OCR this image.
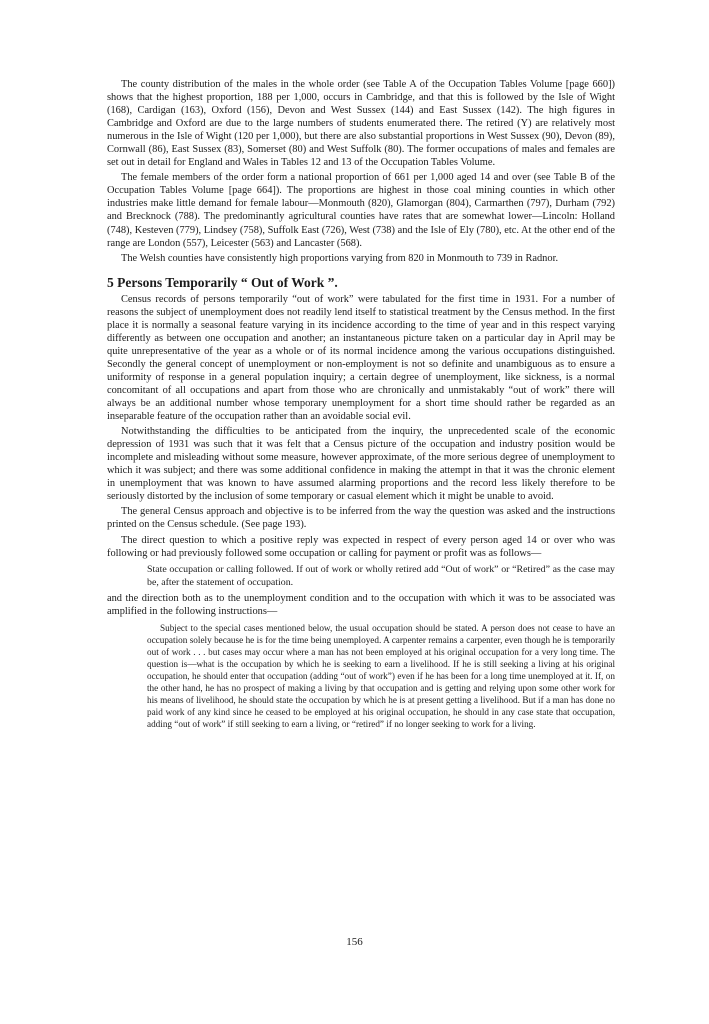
The county distribution of the males in the whole order (see Table A of the Occupation Tables Volume [page 660]) shows that the highest proportion, 188 per 1,000, occurs in Cambridge, and that this is followed by the Isle of Wight (168), Cardigan (163), Oxford (156), Devon and West Sussex (144) and East Sussex (142). The high figures in Cambridge and Oxford are due to the large numbers of students enumerated there. The retired (Y) are relatively most numerous in the Isle of Wight (120 per 1,000), but there are also substantial proportions in West Sussex (90), Devon (89), Cornwall (86), East Sussex (83), Somerset (80) and West Suffolk (80). The former occupations of males and females are set out in detail for England and Wales in Tables 12 and 13 of the Occupation Tables Volume.

The female members of the order form a national proportion of 661 per 1,000 aged 14 and over (see Table B of the Occupation Tables Volume [page 664]). The proportions are highest in those coal mining counties in which other industries make little demand for female labour—Monmouth (820), Glamorgan (804), Carmarthen (797), Durham (792) and Brecknock (788). The predominantly agricultural counties have rates that are somewhat lower—Lincoln: Holland (748), Kesteven (779), Lindsey (758), Suffolk East (726), West (738) and the Isle of Ely (780), etc. At the other end of the range are London (557), Leicester (563) and Lancaster (568).

The Welsh counties have consistently high proportions varying from 820 in Monmouth to 739 in Radnor.

5 Persons Temporarily “ Out of Work ”.

Census records of persons temporarily “out of work” were tabulated for the first time in 1931. For a number of reasons the subject of unemployment does not readily lend itself to statistical treatment by the Census method. In the first place it is normally a seasonal feature varying in its incidence according to the time of year and in this respect varying differently as between one occupation and another; an instantaneous picture taken on a particular day in April may be quite unrepresentative of the year as a whole or of its normal incidence among the various occupations distinguished. Secondly the general concept of unemployment or non-employment is not so definite and unambiguous as to ensure a uniformity of response in a general population inquiry; a certain degree of unemployment, like sickness, is a normal concomitant of all occupations and apart from those who are chronically and unmistakably “out of work” there will always be an additional number whose temporary unemployment for a short time should rather be regarded as an inseparable feature of the occupation rather than an avoidable social evil.

Notwithstanding the difficulties to be anticipated from the inquiry, the unprecedented scale of the economic depression of 1931 was such that it was felt that a Census picture of the occupation and industry position would be incomplete and misleading without some measure, however approximate, of the more serious degree of unemployment to which it was subject; and there was some additional confidence in making the attempt in that it was the chronic element in unemployment that was known to have assumed alarming proportions and the record less likely therefore to be seriously distorted by the inclusion of some temporary or casual element which it might be unable to avoid.

The general Census approach and objective is to be inferred from the way the question was asked and the instructions printed on the Census schedule. (See page 193).

The direct question to which a positive reply was expected in respect of every person aged 14 or over who was following or had previously followed some occupation or calling for payment or profit was as follows—

State occupation or calling followed. If out of work or wholly retired add “Out of work” or “Retired” as the case may be, after the statement of occupation.

and the direction both as to the unemployment condition and to the occupation with which it was to be associated was amplified in the following instructions—

Subject to the special cases mentioned below, the usual occupation should be stated. A person does not cease to have an occupation solely because he is for the time being unemployed. A carpenter remains a carpenter, even though he is temporarily out of work . . . but cases may occur where a man has not been employed at his original occupation for a very long time. The question is—what is the occupation by which he is seeking to earn a livelihood. If he is still seeking a living at his original occupation, he should enter that occupation (adding “out of work”) even if he has been for a long time unemployed at it. If, on the other hand, he has no prospect of making a living by that occupation and is getting and relying upon some other work for his means of livelihood, he should state the occupation by which he is at present getting a livelihood. But if a man has done no paid work of any kind since he ceased to be employed at his original occupation, he should in any case state that occupation, adding “out of work” if still seeking to earn a living, or “retired” if no longer seeking to work for a living.

156
